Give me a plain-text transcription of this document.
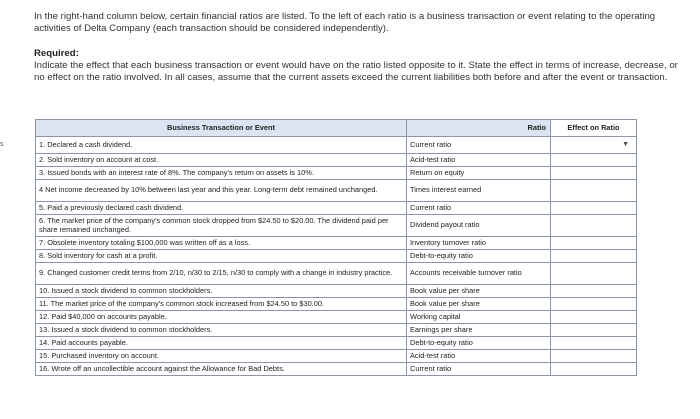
In the right-hand column below, certain financial ratios are listed. To the left of each ratio is a business transaction or event relating to the operating activities of Delta Company (each transaction should be considered independently).
Required:
Indicate the effect that each business transaction or event would have on the ratio listed opposite to it. State the effect in terms of increase, decrease, or no effect on the ratio involved. In all cases, assume that the current assets exceed the current liabilities both before and after the event or transaction.
s
Business Transaction or Event	Ratio	Effect on Ratio
1. Declared a cash dividend.	Current ratio	▼

2. Sold inventory on account at cost.	Acid-test ratio	
3. Issued bonds with an interest rate of 8%. The company's return on assets is 10%.	Return on equity	
4 Net income decreased by 10% between last year and this year. Long-term debt remained unchanged.	Times interest earned	
5. Paid a previously declared cash dividend.	Current ratio	
6. The market price of the company's common stock dropped from $24.50 to $20.00. The dividend paid per share remained unchanged.	Dividend payout ratio	
7. Obsolete inventory totaling $100,000 was written off as a loss.	Inventory turnover ratio	
8. Sold inventory for cash at a profit.	Debt-to-equity ratio	
9. Changed customer credit terms from 2/10, n/30 to 2/15, n/30 to comply with a change in industry practice.	Accounts receivable turnover ratio	
10. Issued a stock dividend to common stockholders.	Book value per share	
11. The market price of the company's common stock increased from $24.50 to $30.00.	Book value per share	
12. Paid $40,000 on accounts payable.	Working capital	
13. Issued a stock dividend to common stockholders.	Earnings per share	
14. Paid accounts payable.	Debt-to-equity ratio	
15. Purchased inventory on account.	Acid-test ratio	
16. Wrote off an uncollectible account against the Allowance for Bad Debts.	Current ratio	
